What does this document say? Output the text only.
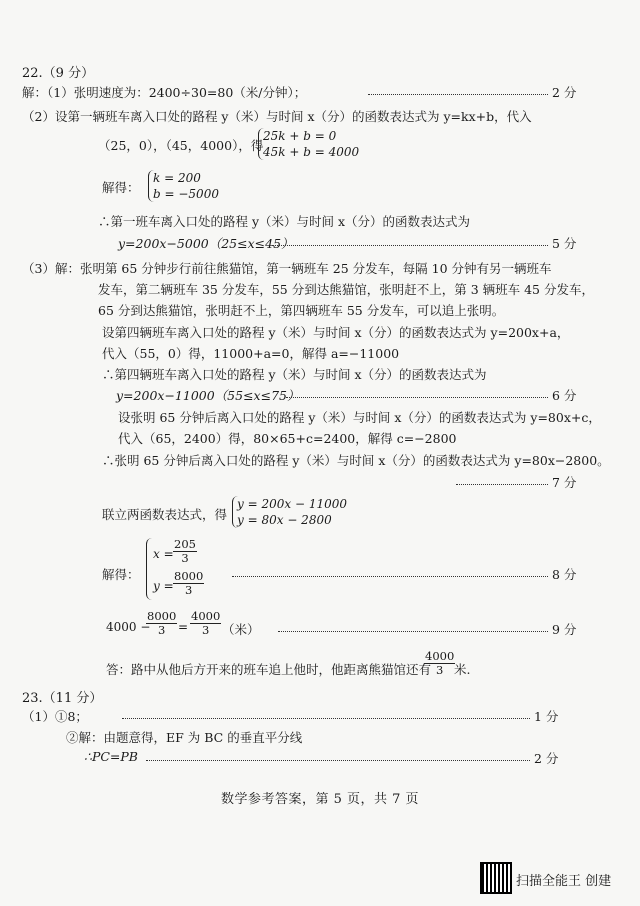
22.（9 分）
解：（1）张明速度为：2400÷30=80（米/分钟）；	2 分
（2）设第一辆班车离入口处的路程 y（米）与时间 x（分）的函数表达式为 y=kx+b，代入
（25，0），（45，4000），得
25k + b = 0
45k + b = 4000
解得：
k = 200
b = −5000
∴第一班车离入口处的路程 y（米）与时间 x（分）的函数表达式为
y=200x−5000（25≤x≤45）	5 分
（3）解：张明第 65 分钟步行前往熊猫馆，第一辆班车 25 分发车，每隔 10 分钟有另一辆班车
发车，第二辆班车 35 分发车，55 分到达熊猫馆，张明赶不上，第 3 辆班车 45 分发车，
65 分到达熊猫馆，张明赶不上，第四辆班车 55 分发车，可以追上张明。
设第四辆班车离入口处的路程 y（米）与时间 x（分）的函数表达式为 y=200x+a，
代入（55，0）得，11000+a=0，解得 a=−11000
∴第四辆班车离入口处的路程 y（米）与时间 x（分）的函数表达式为
y=200x−11000（55≤x≤75）	6 分
设张明 65 分钟后离入口处的路程 y（米）与时间 x（分）的函数表达式为 y=80x+c，
代入（65，2400）得，80×65+c=2400，解得 c=−2800
∴张明 65 分钟后离入口处的路程 y（米）与时间 x（分）的函数表达式为 y=80x−2800。
7 分
联立两函数表达式，得
y = 200x − 11000
y = 80x − 2800
解得：
$x = \frac{205}{3}$
$y = \frac{8000}{3}$	8 分
4000 −
$\frac{8000}{3} = \frac{4000}{3}$ （米）	9 分
答：路中从他后方开来的班车追上他时，他距离熊猫馆还有
$\frac{4000}{3}$
米.
23.（11 分）
（1）①8；	1 分
②解：由题意得，EF 为 BC 的垂直平分线
∴PC=PB	2 分
数学参考答案，第 5 页，共 7 页
扫描全能王 创建
